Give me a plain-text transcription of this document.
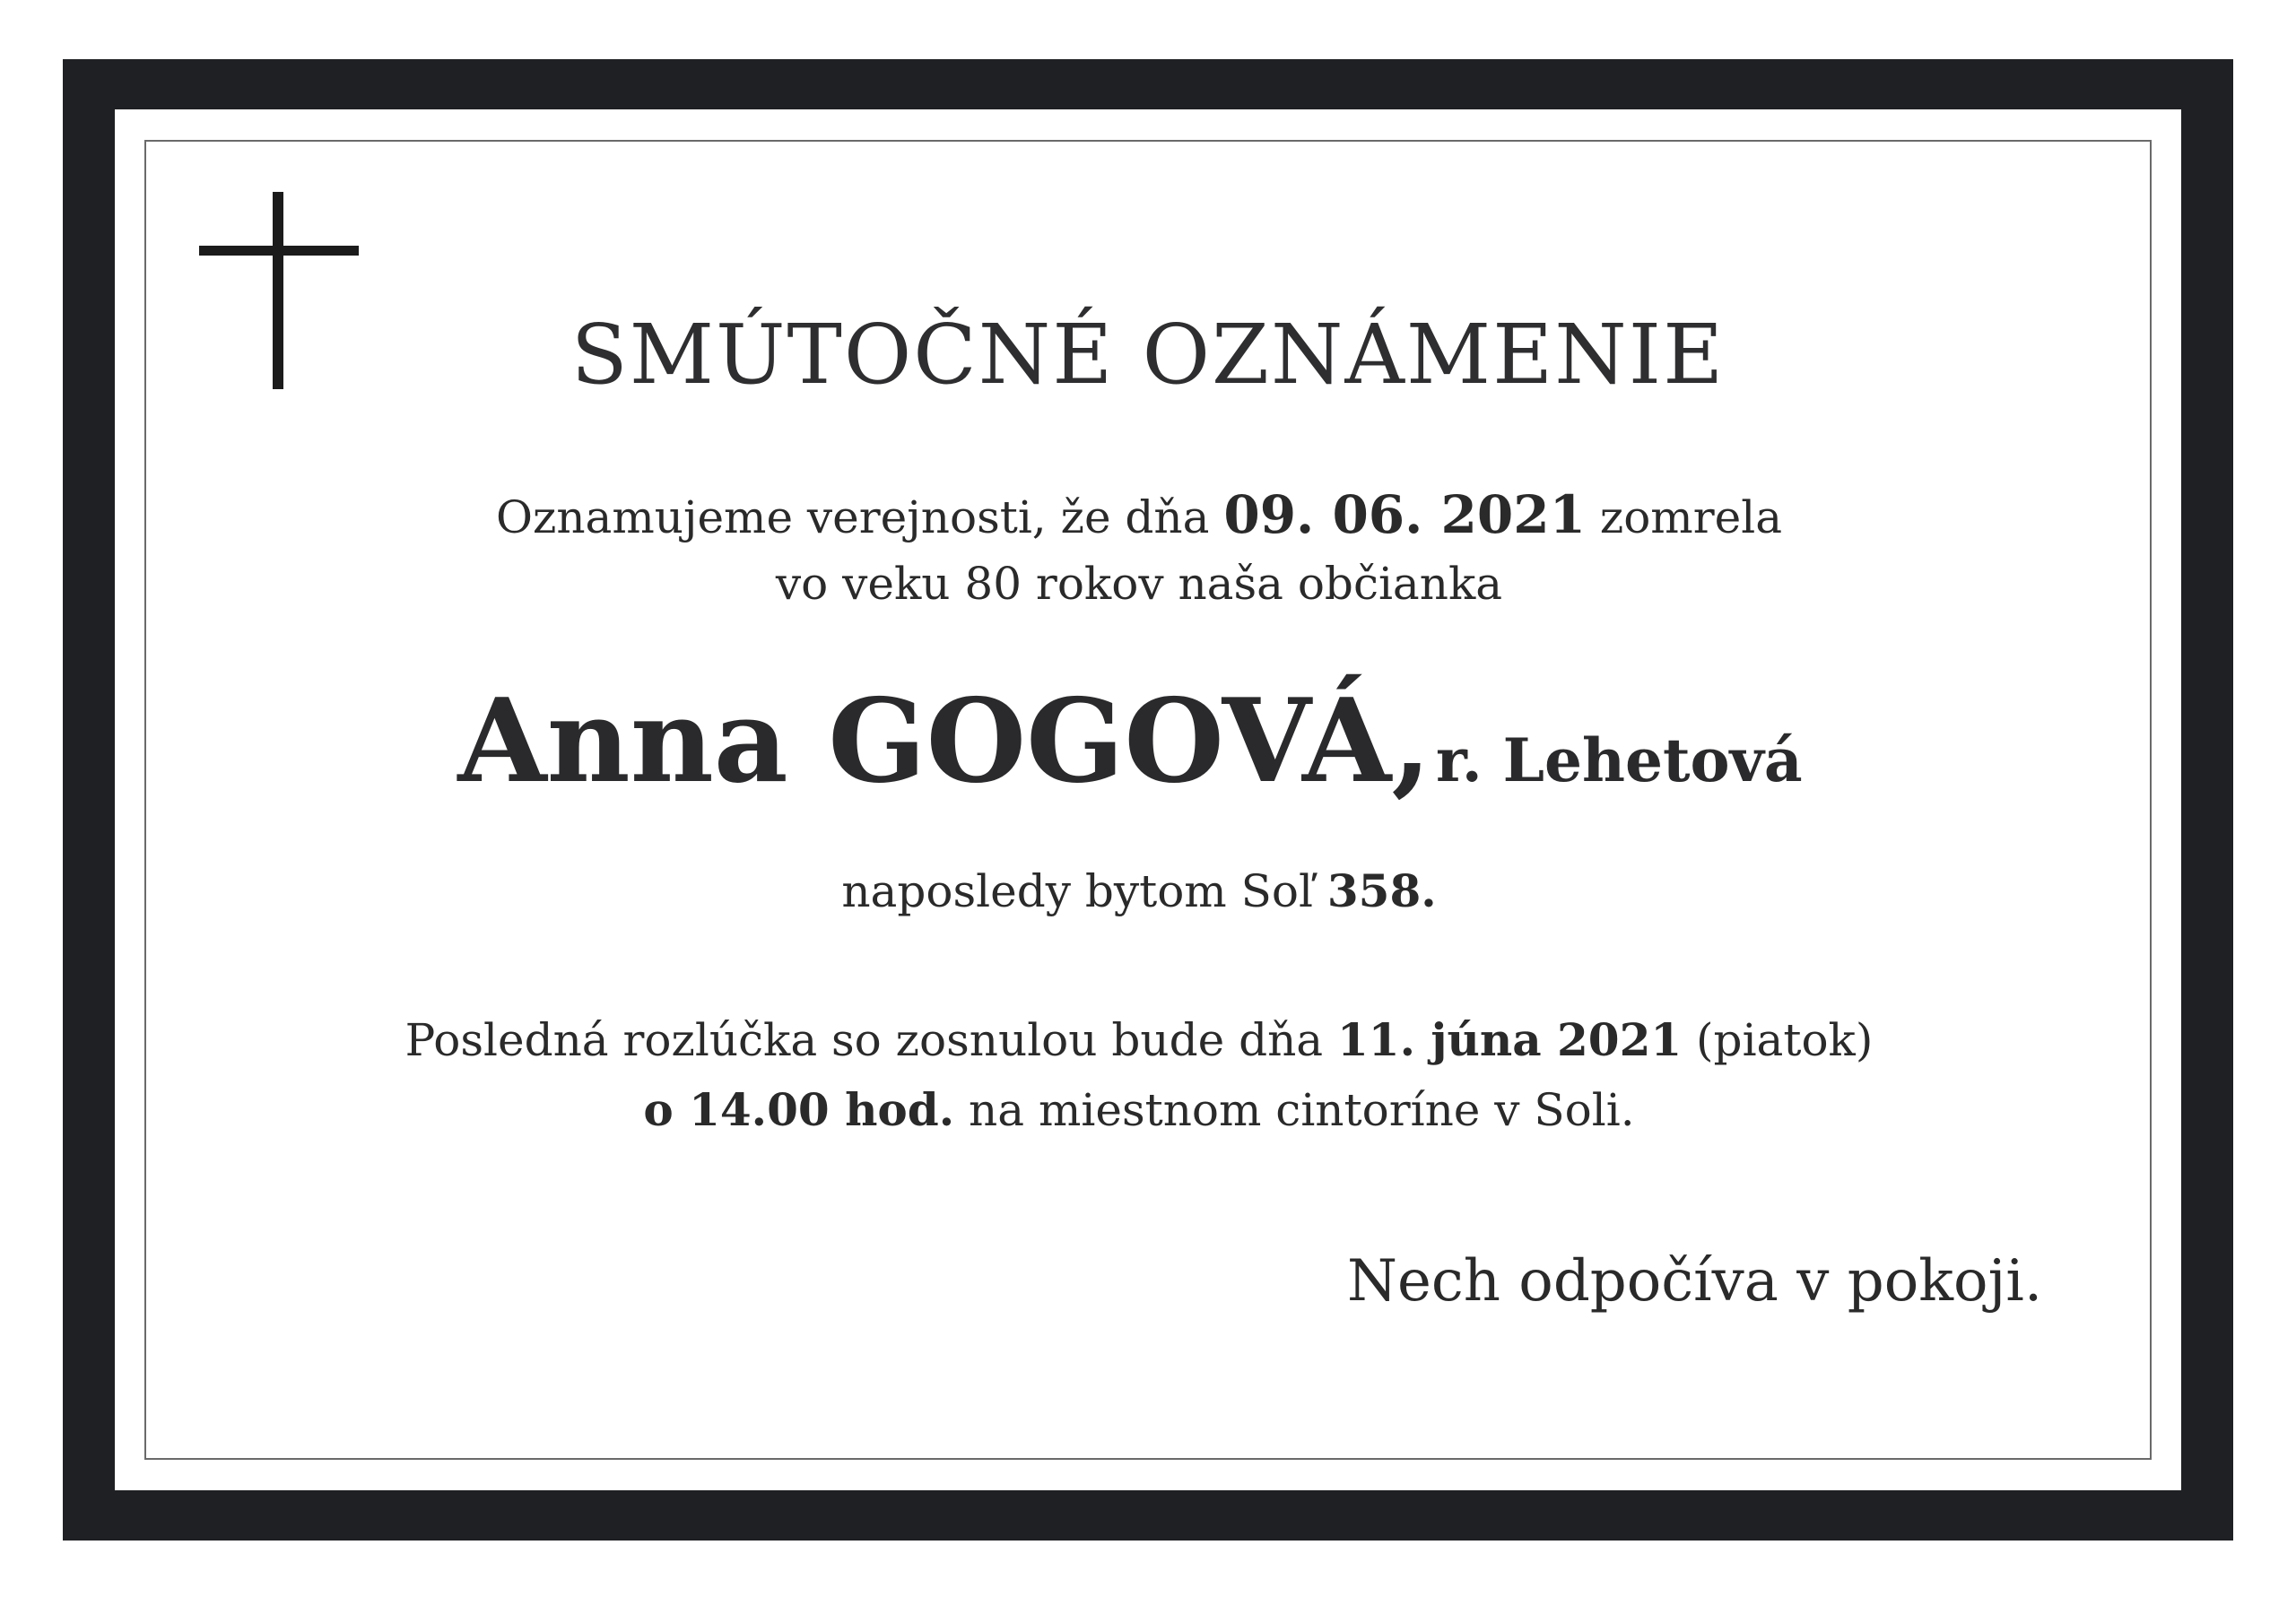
SMÚTOČNÉ OZNÁMENIE
Oznamujeme verejnosti, že dňa 09. 06. 2021 zomrela
vo veku 80 rokov naša občianka
Anna GOGOVÁ, r. Lehetová
naposledy bytom Soľ 358.
Posledná rozlúčka so zosnulou bude dňa 11. júna 2021 (piatok)
o 14.00 hod. na miestnom cintoríne v Soli.
Nech odpočíva v pokoji.
